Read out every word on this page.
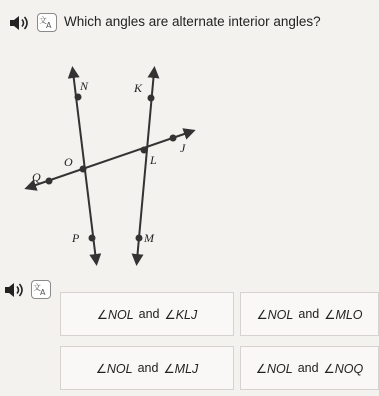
文
A Which angles are alternate interior angles?
N	K
J
L
O
Q
P	M
文
A
∠NOL and ∠KLJ	∠NOL and ∠MLO
∠NOL and ∠MLJ	∠NOL and ∠NOQ
